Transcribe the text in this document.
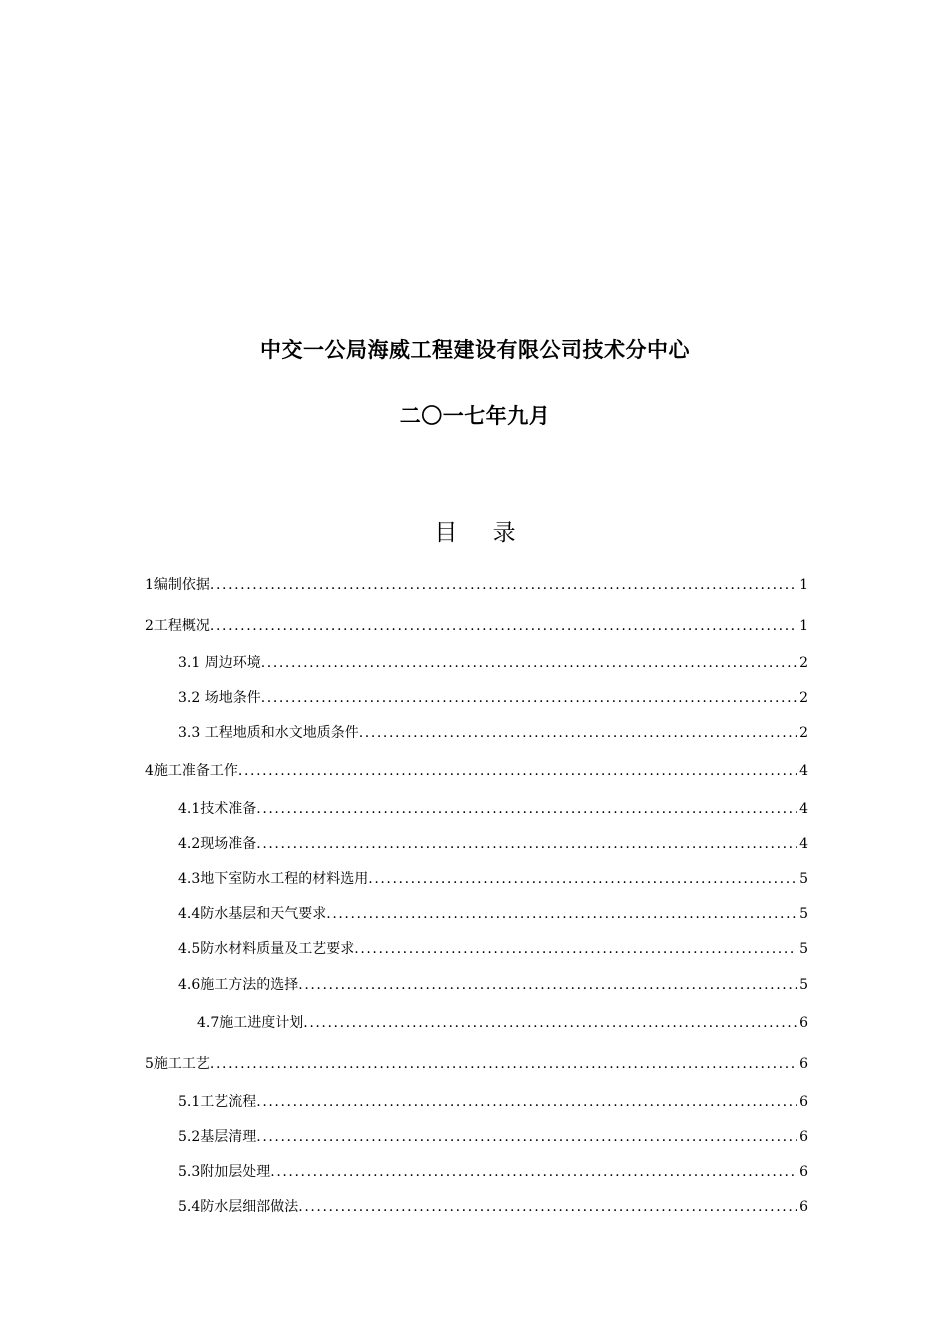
中交一公局海威工程建设有限公司技术分中心
二〇一七年九月
目 录
1编制依据 .....	1
2工程概况 .....	1
3.1 周边环境 .....	2
3.2 场地条件 .....	2
3.3 工程地质和水文地质条件 .....	2
4施工准备工作 .....	4
4.1技术准备 .....	4
4.2现场准备 .....	4
4.3地下室防水工程的材料选用 .....	5
4.4防水基层和天气要求 .....	5
4.5防水材料质量及工艺要求 .....	5
4.6施工方法的选择 .....	5
4.7施工进度计划 .....	6
5施工工艺 .....	6
5.1工艺流程 .....	6
5.2基层清理 .....	6
5.3附加层处理 .....	6
5.4防水层细部做法 .....	6
